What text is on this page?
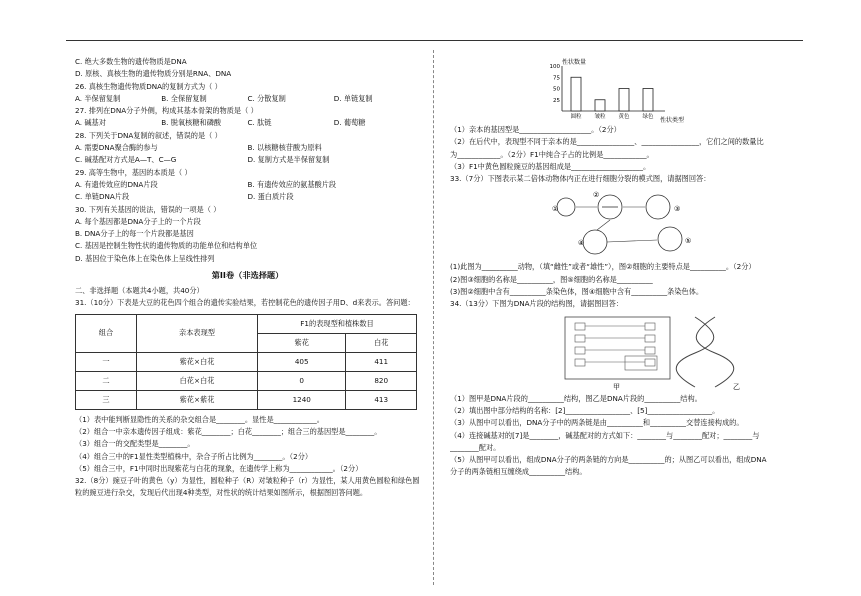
C. 绝大多数生物的遗传物质是DNA
D. 原核、真核生物的遗传物质分别是RNA、DNA
26. 真核生物遗传物质DNA的复制方式为（ ）
A. 半保留复制	B. 全保留复制	C. 分散复制	D. 单链复制
27. 排列在DNA分子外侧，构成其基本骨架的物质是（ ）
A. 碱基对	B. 脱氧核糖和磷酸	C. 肽链	D. 葡萄糖
28. 下列关于DNA复制的叙述，错误的是（ ）
A. 需要DNA聚合酶的参与	B. 以核糖核苷酸为原料
C. 碱基配对方式是A—T、C—G	D. 复制方式是半保留复制
29. 高等生物中，基因的本质是（ ）
A. 有遗传效应的DNA片段	B. 有遗传效应的氨基酸片段
C. 单链DNA片段	D. 蛋白质片段
30. 下列有关基因的说法，错误的一项是（ ）
A. 每个基因都是DNA分子上的一个片段
B. DNA分子上的每一个片段都是基因
C. 基因是控制生物性状的遗传物质的功能单位和结构单位
D. 基因位于染色体上在染色体上呈线性排列
第II卷（非选择题）
二、非选择题（本题共4小题，共40分）
31.（10分）下表是大豆的花色四个组合的遗传实验结果，若控制花色的遗传因子用D、d来表示。答问题：
组合	亲本表现型	F1的表现型和植株数目	
		紫花	白花
一	紫花×白花	405	411
二	白花×白花	0	820
三	紫花×紫花	1240	413
（1）表中能判断显隐性的关系的杂交组合是________。显性是____________。
（2）组合一中亲本遗传因子组成：紫花________；白花________；组合三的基因型是________。
（3）组合一的交配类型是________。
（4）组合三中的F1显性类型植株中，杂合子所占比例为________。（2分）
（5）组合三中，F1中同时出现紫花与白花的现象，在遗传学上称为____________。（2分）
32.（8分）豌豆子叶的黄色（y）为显性，圆粒种子（R）对皱粒种子（r）为显性，某人用黄色圆粒和绿色圆粒的豌豆进行杂交，发现后代出现4种类型，对性状的统计结果如图所示，根据图回答问题。
性状数量
性状类型
25
50
75
100
圆粒 皱粒 黄色 绿色
（1）亲本的基因型是____________________。（2分）
（2）在后代中，表现型不同于亲本的是________________、________________，它们之间的数量比
为____________。（2分）F1中纯合子占的比例是____________。
（3）F1中黄色圆粒豌豆的基因组成是____________________。
33.（7分）下图表示某二倍体动物体内正在进行细胞分裂的模式图，请据图回答：
①
②
③
④	⑤
(1)此图为__________动物，（填“雌性”或者“雄性”），图②细胞的主要特点是__________。（2分）
(2)图③细胞的名称是__________，图⑤细胞的名称是__________
(3)图②细胞中含有__________条染色体，图④细胞中含有__________条染色体。
34.（13分）下图为DNA片段的结构图，请据图回答：
甲	乙
（1）图甲是DNA片段的__________结构，图乙是DNA片段的__________结构。
（2）填出图中部分结构的名称：[2]__________________、[5]__________________。
（3）从图中可以看出，DNA分子中的两条链是由__________和__________交替连接构成的。
（4）连接碱基对的[7]是________，碱基配对的方式如下：________与________配对；________与
________配对。
（5）从图甲可以看出，组成DNA分子的两条链的方向是__________的；从图乙可以看出，组成DNA
分子的两条链相互缠绕成__________结构。
